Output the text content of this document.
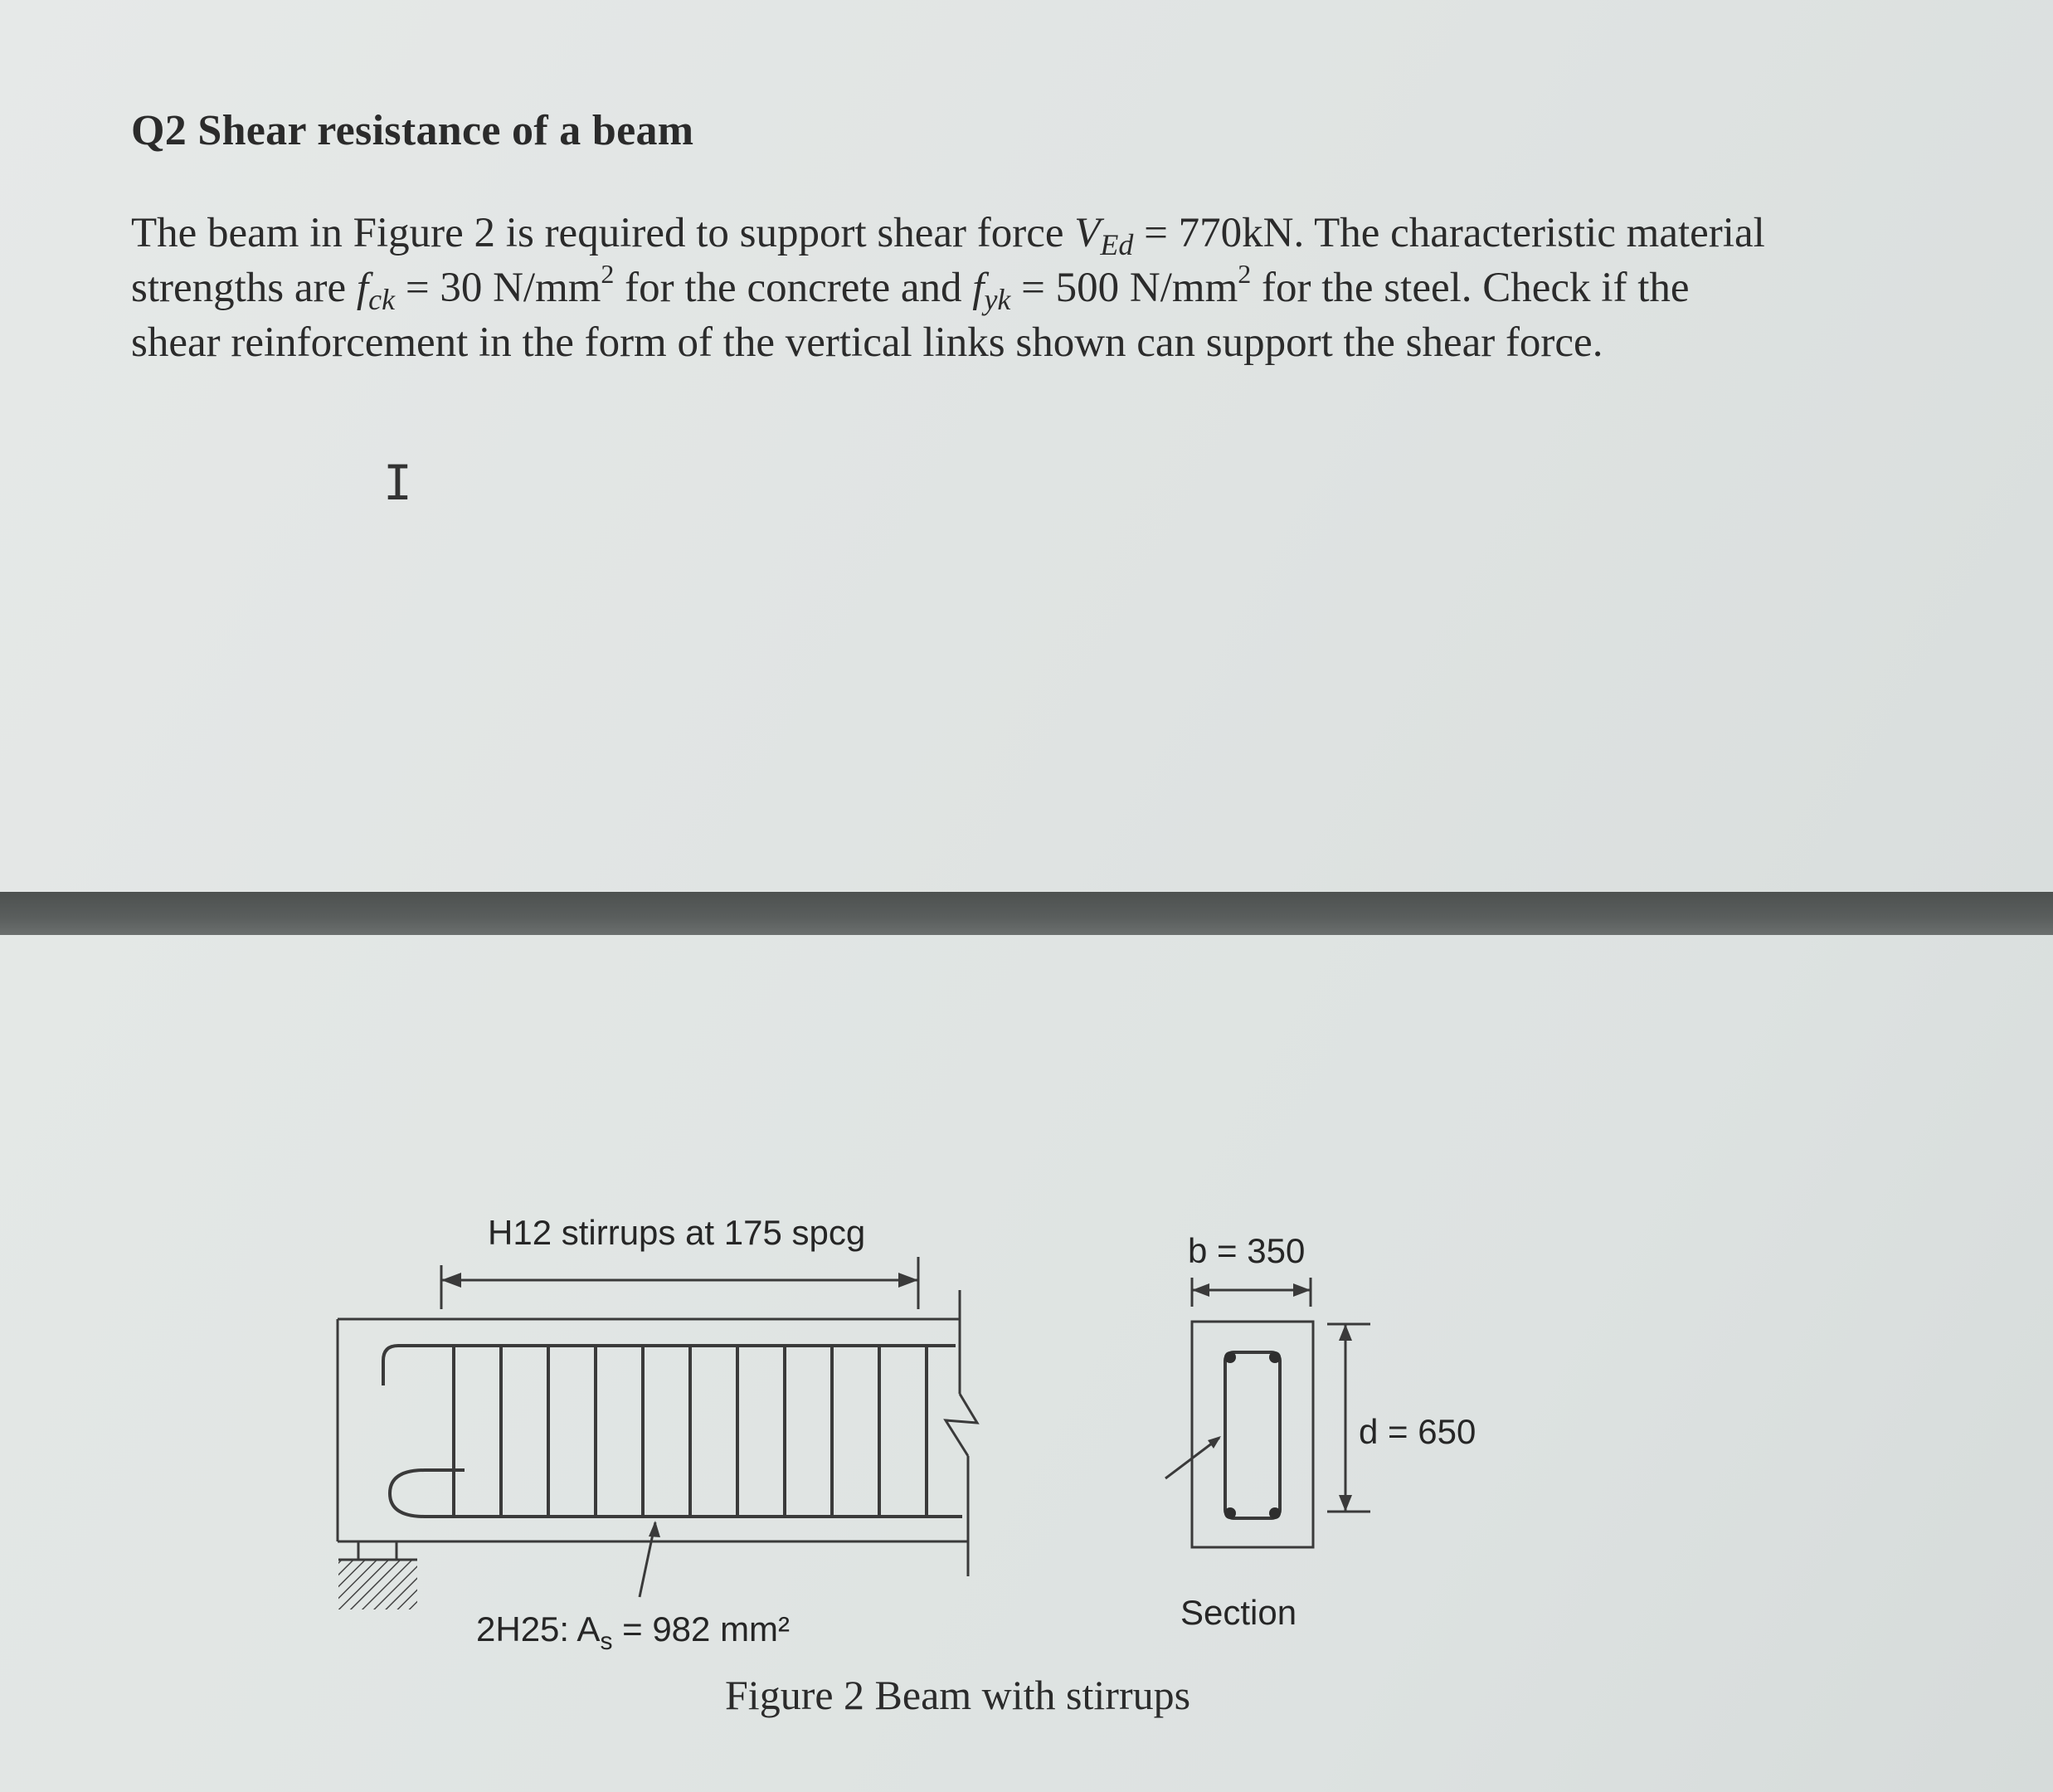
Q2 Shear resistance of a beam

The beam in Figure 2 is required to support shear force $V_{Ed} = 770kN$. The characteristic material
strengths are $f_{ck} = 30$ $N/mm^2$ for the concrete and $f_{yk} = 500$ $N/mm^2$ for the steel. Check if the
shear reinforcement in the form of the vertical links shown can support the shear force.

I
H12 stirrups at 175 spcg
2H25: $A_s = 982$ mm²
b = 350
d = 650
Section
Figure 2 Beam with stirrups
